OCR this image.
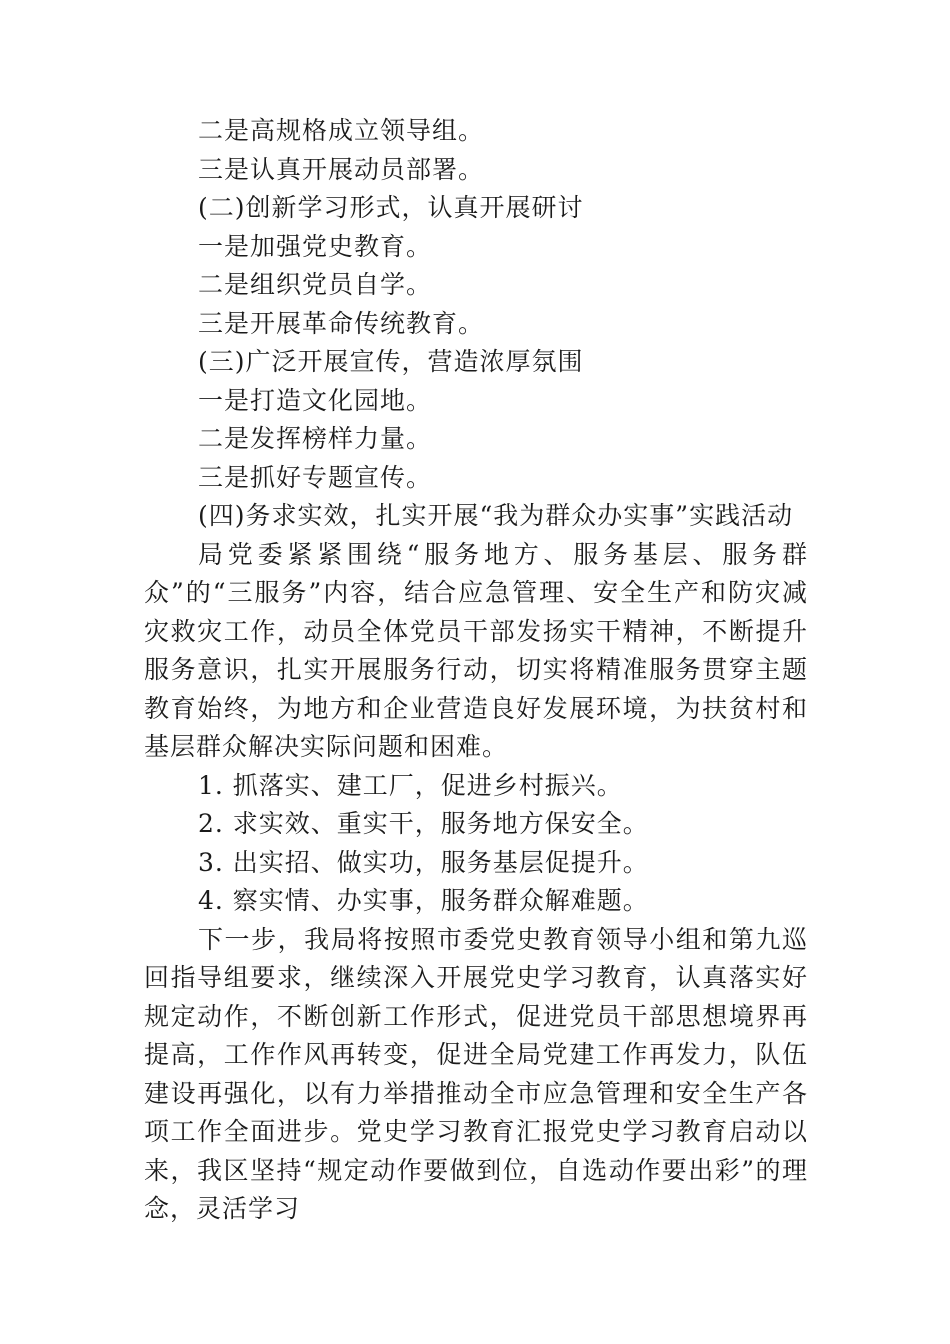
二是高规格成立领导组。
三是认真开展动员部署。
(二)创新学习形式，认真开展研讨
一是加强党史教育。
二是组织党员自学。
三是开展革命传统教育。
(三)广泛开展宣传，营造浓厚氛围
一是打造文化园地。
二是发挥榜样力量。
三是抓好专题宣传。
(四)务求实效，扎实开展“我为群众办实事”实践活动

局党委紧紧围绕“服务地方、服务基层、服务群众”的“三服务”内容，结合应急管理、安全生产和防灾减灾救灾工作，动员全体党员干部发扬实干精神，不断提升服务意识，扎实开展服务行动，切实将精准服务贯穿主题教育始终，为地方和企业营造良好发展环境，为扶贫村和基层群众解决实际问题和困难。

1. 抓落实、建工厂，促进乡村振兴。
2. 求实效、重实干，服务地方保安全。
3. 出实招、做实功，服务基层促提升。
4. 察实情、办实事，服务群众解难题。

下一步，我局将按照市委党史教育领导小组和第九巡回指导组要求，继续深入开展党史学习教育，认真落实好规定动作，不断创新工作形式，促进党员干部思想境界再提高，工作作风再转变，促进全局党建工作再发力，队伍建设再强化，以有力举措推动全市应急管理和安全生产各项工作全面进步。党史学习教育汇报党史学习教育启动以来，我区坚持“规定动作要做到位，自选动作要出彩”的理念，灵活学习
